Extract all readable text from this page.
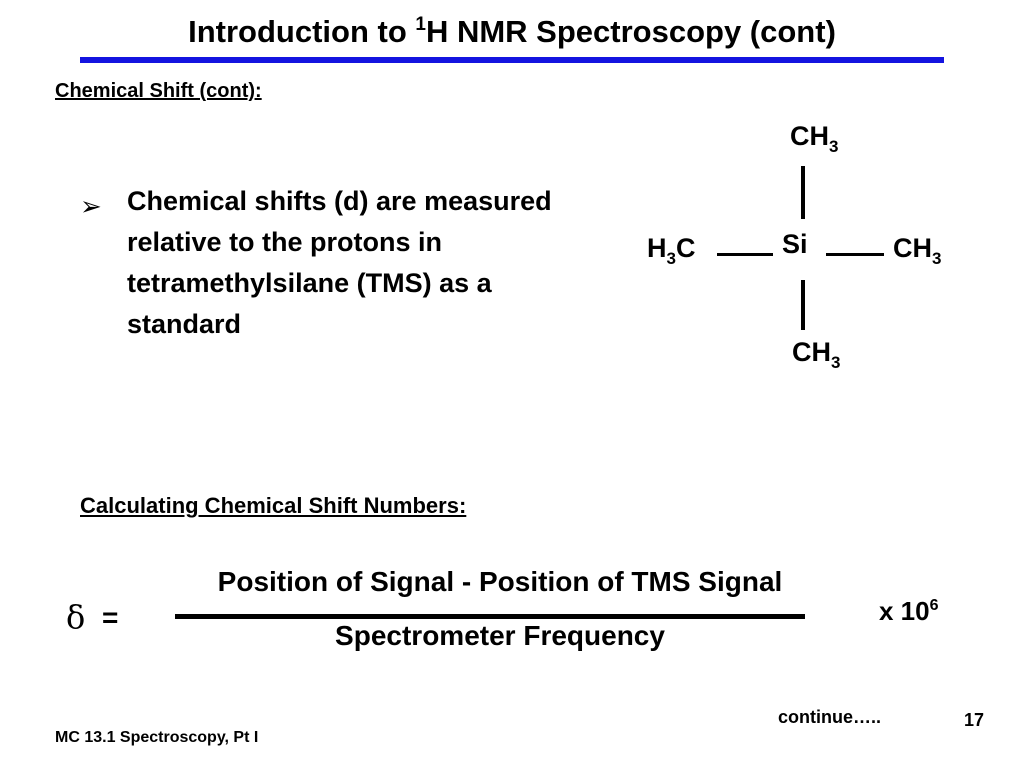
Introduction to $^1$H NMR Spectroscopy (cont)
Chemical Shift (cont):
➢ Chemical shifts (d) are measured relative to the protons in tetramethylsilane (TMS) as a standard
$CH_3$
$H_3C$	Si	$CH_3$
$CH_3$
Calculating Chemical Shift Numbers:
δ =
Position of Signal - Position of TMS Signal
Spectrometer Frequency
x $10^6$
continue…..	17
MC 13.1 Spectroscopy, Pt I
